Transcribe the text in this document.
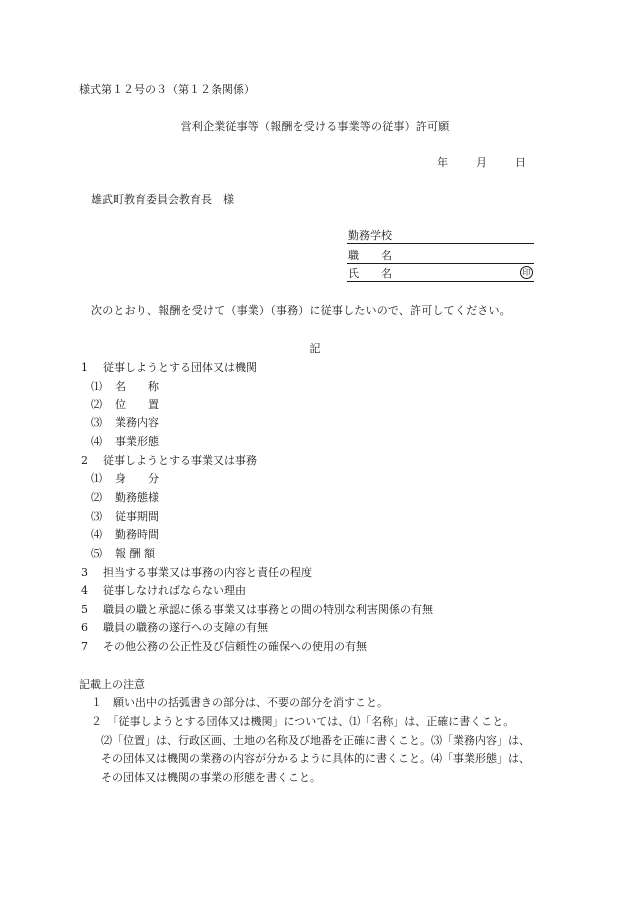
様式第１２号の３（第１２条関係）
営利企業従事等（報酬を受ける事業等の従事）許可願
年	月	日
雄武町教育委員会教育長　様
勤務学校
職　　名
氏　　名	印
次のとおり、報酬を受けて（事業）（事務）に従事したいので、許可してください。
記
1 従事しようとする団体又は機関
⑴ 名　　称
⑵ 位　　置
⑶ 業務内容
⑷ 事業形態
2 従事しようとする事業又は事務
⑴ 身　　分
⑵ 勤務態様
⑶ 従事期間
⑷ 勤務時間
⑸ 報 酬 額
3 担当する事業又は事務の内容と責任の程度
4 従事しなければならない理由
5 職員の職と承認に係る事業又は事務との間の特別な利害関係の有無
6 職員の職務の遂行への支障の有無
7 その他公務の公正性及び信頼性の確保への使用の有無
記載上の注意
１　願い出中の括弧書きの部分は、不要の部分を消すこと。
２　「従事しようとする団体又は機関」については、⑴「名称」は、正確に書くこと。
⑵「位置」は、行政区画、土地の名称及び地番を正確に書くこと。⑶「業務内容」は、
その団体又は機関の業務の内容が分かるように具体的に書くこと。⑷「事業形態」は、
その団体又は機関の事業の形態を書くこと。
